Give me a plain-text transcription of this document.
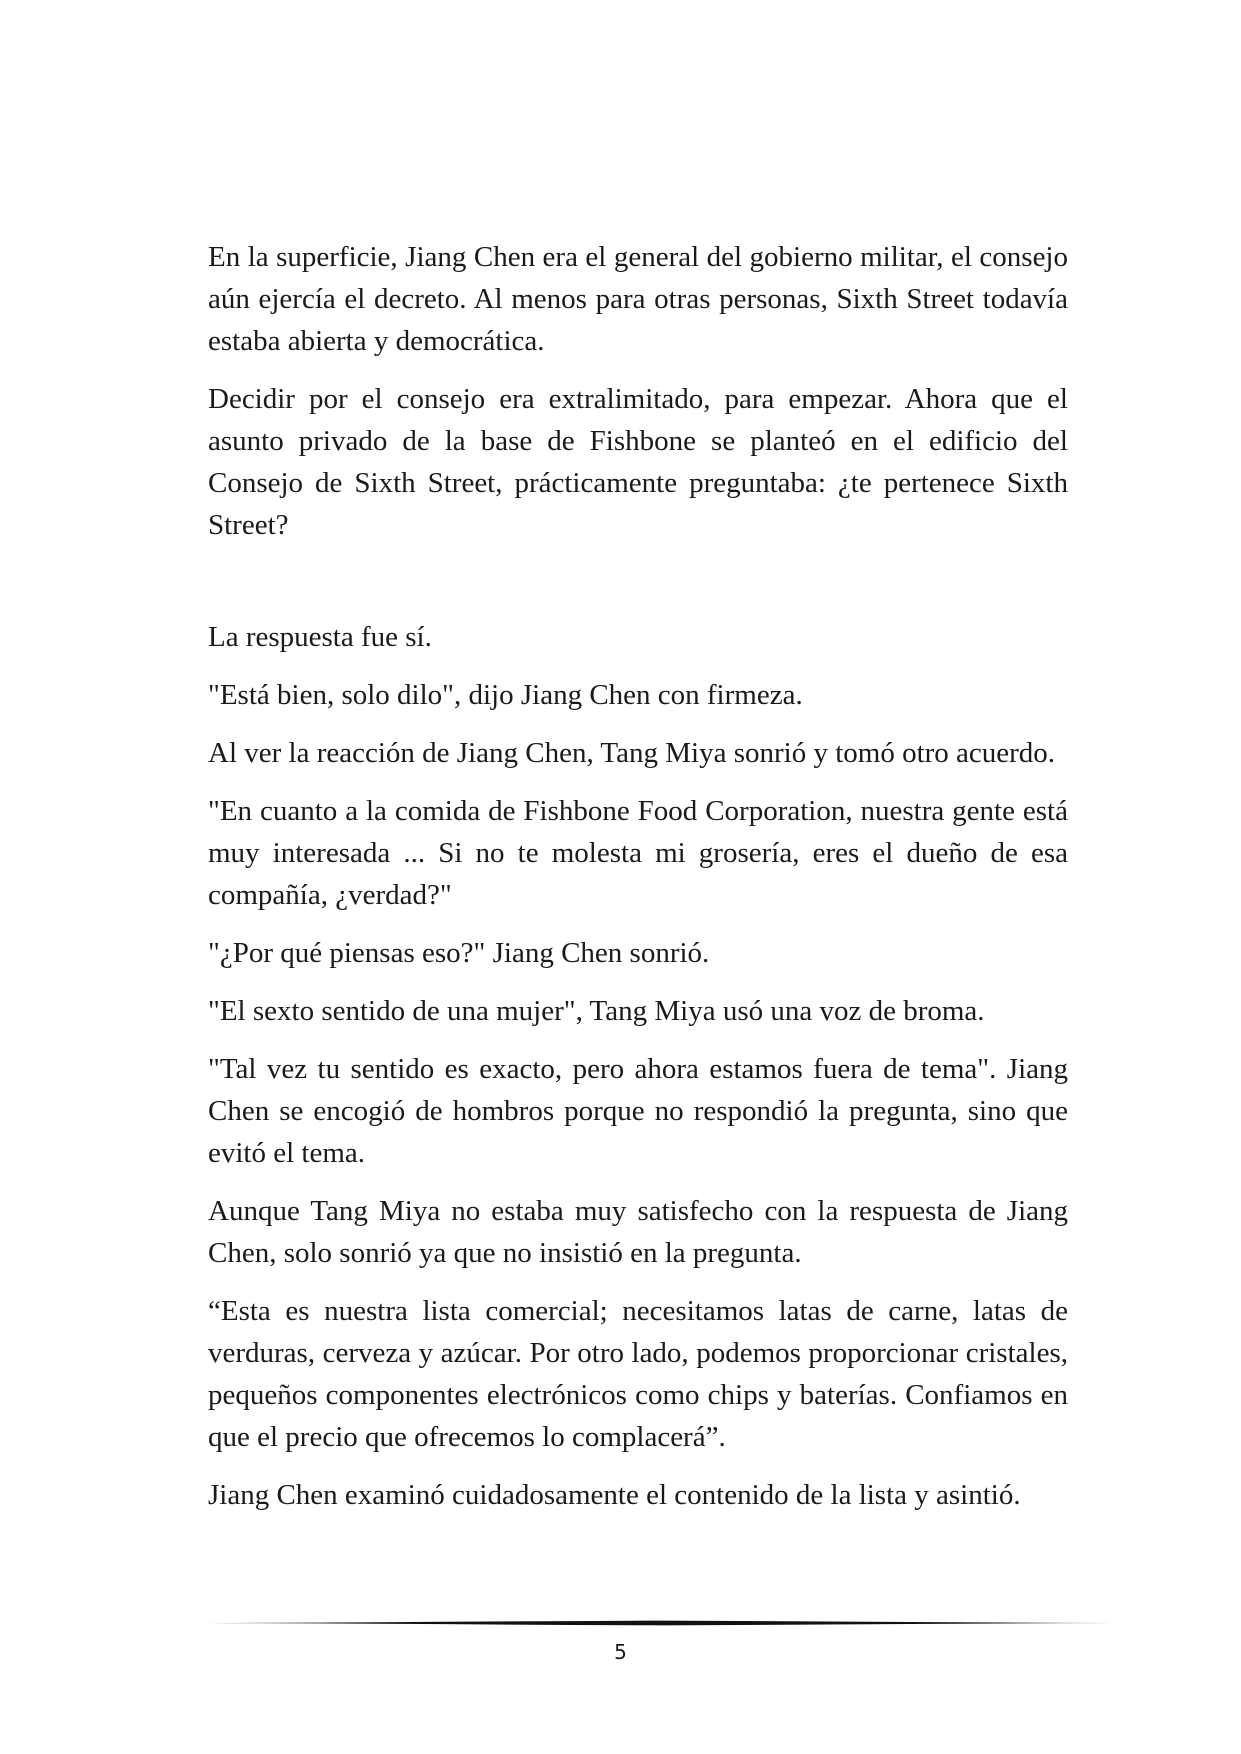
En la superficie, Jiang Chen era el general del gobierno militar, el consejo aún ejercía el decreto. Al menos para otras personas, Sixth Street todavía estaba abierta y democrática.

Decidir por el consejo era extralimitado, para empezar. Ahora que el asunto privado de la base de Fishbone se planteó en el edificio del Consejo de Sixth Street, prácticamente preguntaba: ¿te pertenece Sixth Street?

La respuesta fue sí.

"Está bien, solo dilo", dijo Jiang Chen con firmeza.

Al ver la reacción de Jiang Chen, Tang Miya sonrió y tomó otro acuerdo.

"En cuanto a la comida de Fishbone Food Corporation, nuestra gente está muy interesada ... Si no te molesta mi grosería, eres el dueño de esa compañía, ¿verdad?"

"¿Por qué piensas eso?" Jiang Chen sonrió.

"El sexto sentido de una mujer", Tang Miya usó una voz de broma.

"Tal vez tu sentido es exacto, pero ahora estamos fuera de tema". Jiang Chen se encogió de hombros porque no respondió la pregunta, sino que evitó el tema.

Aunque Tang Miya no estaba muy satisfecho con la respuesta de Jiang Chen, solo sonrió ya que no insistió en la pregunta.

“Esta es nuestra lista comercial; necesitamos latas de carne, latas de verduras, cerveza y azúcar. Por otro lado, podemos proporcionar cristales, pequeños componentes electrónicos como chips y baterías. Confiamos en que el precio que ofrecemos lo complacerá”.

Jiang Chen examinó cuidadosamente el contenido de la lista y asintió.

5
